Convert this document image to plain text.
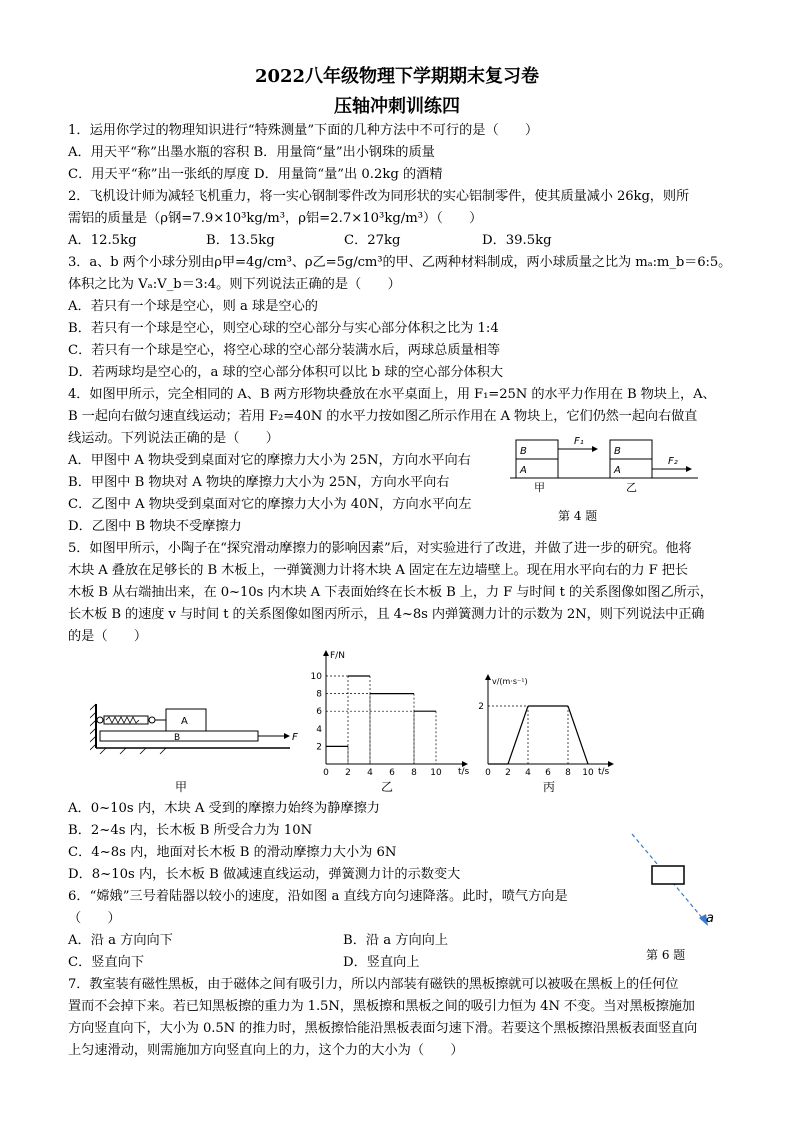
2022八年级物理下学期期末复习卷
压轴冲刺训练四
1．运用你学过的物理知识进行“特殊测量”下面的几种方法中不可行的是（　　）
A．用天平“称”出墨水瓶的容积 B．用量筒“量”出小钢珠的质量
C．用天平“称”出一张纸的厚度 D．用量筒“量”出 0.2kg 的酒精
2．飞机设计师为减轻飞机重力，将一实心钢制零件改为同形状的实心铝制零件，使其质量减小 26kg，则所
需铝的质量是（ρ钢=7.9×10³kg/m³，ρ铝=2.7×10³kg/m³）（　　）
A．12.5kg	B．13.5kg	C．27kg	D．39.5kg
3．a、b 两个小球分别由ρ甲=4g/cm³、ρ乙=5g/cm³的甲、乙两种材料制成，两小球质量之比为 mₐ:m_b＝6:5。
体积之比为 Vₐ:V_b＝3:4。则下列说法正确的是（　　）
A．若只有一个球是空心，则 a 球是空心的
B．若只有一个球是空心，则空心球的空心部分与实心部分体积之比为 1:4
C．若只有一个球是空心，将空心球的空心部分装满水后，两球总质量相等
D．若两球均是空心的，a 球的空心部分体积可以比 b 球的空心部分体积大
4．如图甲所示，完全相同的 A、B 两方形物块叠放在水平桌面上，用 F₁=25N 的水平力作用在 B 物块上，A、
B 一起向右做匀速直线运动；若用 F₂=40N 的水平力按如图乙所示作用在 A 物块上，它们仍然一起向右做直
线运动。下列说法正确的是（　　）
A．甲图中 A 物块受到桌面对它的摩擦力大小为 25N，方向水平向右
B．甲图中 B 物块对 A 物块的摩擦力大小为 25N，方向水平向右
C．乙图中 A 物块受到桌面对它的摩擦力大小为 40N，方向水平向左
D．乙图中 B 物块不受摩擦力
B
A
F₁
B
A
F₂
甲	乙
第 4 题
5．如图甲所示，小陶子在“探究滑动摩擦力的影响因素”后，对实验进行了改进，并做了进一步的研究。他将
木块 A 叠放在足够长的 B 木板上，一弹簧测力计将木块 A 固定在左边墙壁上。现在用水平向右的力 F 把长
木板 B 从右端抽出来，在 0~10s 内木块 A 下表面始终在长木板 B 上，力 F 与时间 t 的关系图像如图乙所示，
长木板 B 的速度 v 与时间 t 的关系图像如图丙所示，且 4~8s 内弹簧测力计的示数为 2N，则下列说法中正确
的是（　　）
A
B	F
甲
F/N
t/s
2
4
6
8
10
0 2 4 6 8 10
乙
v/(m·s⁻¹)
t/s
2
0 2 4 6 8 10
丙
A．0~10s 内，木块 A 受到的摩擦力始终为静摩擦力
B．2~4s 内，长木板 B 所受合力为 10N
C．4~8s 内，地面对长木板 B 的滑动摩擦力大小为 6N
D．8~10s 内，长木板 B 做减速直线运动，弹簧测力计的示数变大
6．“嫦娥”三号着陆器以较小的速度，沿如图 a 直线方向匀速降落。此时，喷气方向是
（　　）
A．沿 a 方向向下	B．沿 a 方向向上
C．竖直向下	D．竖直向上
a
第 6 题
7．教室装有磁性黑板，由于磁体之间有吸引力，所以内部装有磁铁的黑板擦就可以被吸在黑板上的任何位
置而不会掉下来。若已知黑板擦的重力为 1.5N，黑板擦和黑板之间的吸引力恒为 4N 不变。当对黑板擦施加
方向竖直向下，大小为 0.5N 的推力时，黑板擦恰能沿黑板表面匀速下滑。若要这个黑板擦沿黑板表面竖直向
上匀速滑动，则需施加方向竖直向上的力，这个力的大小为（　　）
